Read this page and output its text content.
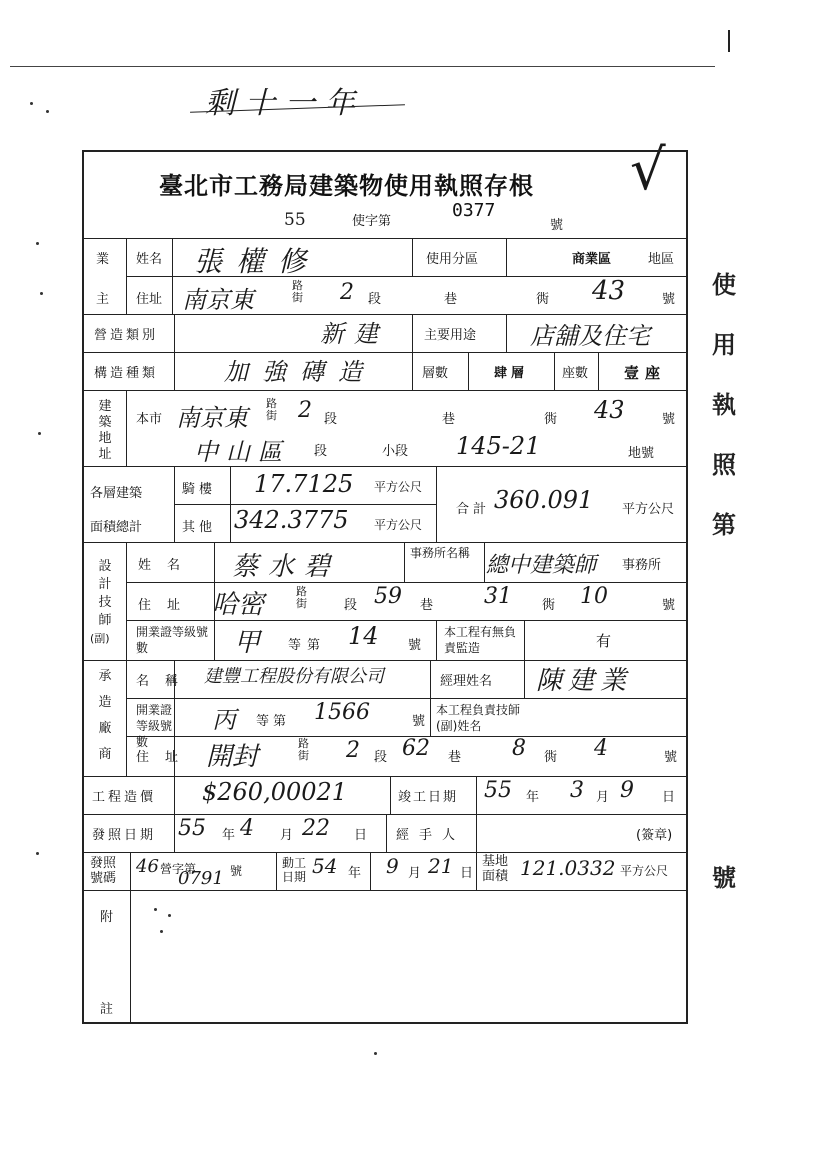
剩十一年
使用執照第
號
√
臺北市工務局建築物使用執照存根
55	使字第
0377
號
業
主
姓名 張權修	使用分區	商業區	地區
住址 南京東
路街 2 段	巷	衖 43	號
營造類別	新建	主要用途 店舖及住宅
構造種類	加強磚造	層數	肆層	座數 壹座
建
築
地
址
本市 南京東
路街 2 段	巷	衖 43	號
中山區 段	小段 145-21	地號
各層建築
面積總計
騎樓 17.7125 平方公尺
其他 342.3775 平方公尺
合計 360.091 平方公尺
設
計
技
師
(副)
姓名 蔡水碧	事務所名稱 總中建築師 事務所
住址 哈密	路街	段 59 巷 31 衖 10	號
開業證等級號數	甲 等第 14 號
本工程有無負責監造	有
承
造
廠
商
名稱 建豐工程股份有限公司	經理姓名 陳建業
開業證等級號數
丙 等第 1566	號
本工程負責技師(副)姓名
住址 開封	路街 2 段 62 巷 8 衖 4	號
工程造價 $260,00021	竣工日期 55 年 3 月 9 日
發照日期 55 年 4 月 22 日 經手人	(簽章)
發照號碼
46 營字第
0791 號
動工日期 54 年 9 月 21 日
基地面積 121.0332 平方公尺
附
註
